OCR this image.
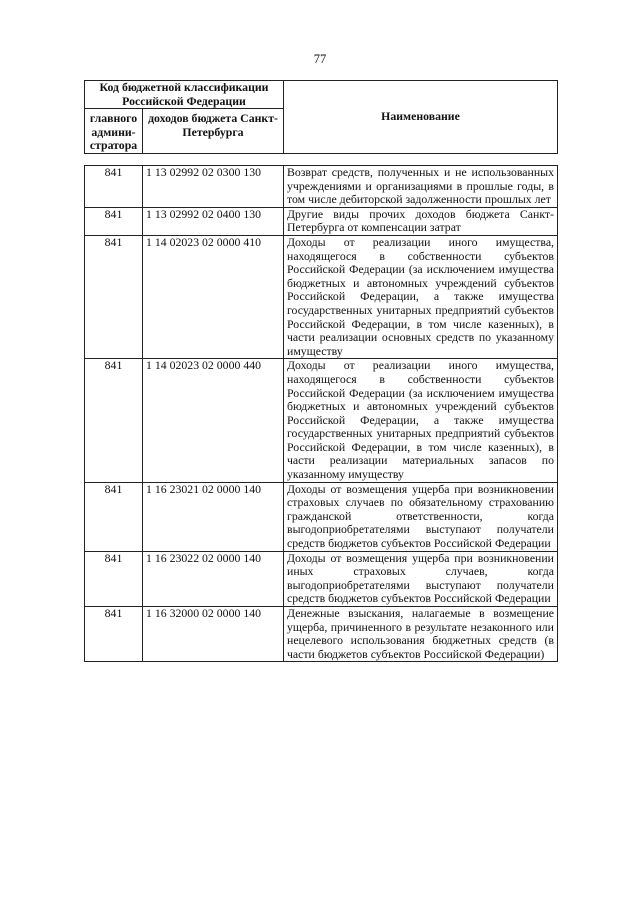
77
Код бюджетной классификации Российской Федерации		Наименование
главного админи-стратора	доходов бюджета Санкт-Петербурга	
841	1 13 02992 02 0300 130	Возврат средств, полученных и не использованных учреждениями и организациями в прошлые годы, в том числе дебиторской задолженности прошлых лет
841	1 13 02992 02 0400 130	Другие виды прочих доходов бюджета Санкт-Петербурга от компенсации затрат
841	1 14 02023 02 0000 410	Доходы от реализации иного имущества, находящегося в собственности субъектов Российской Федерации (за исключением имущества бюджетных и автономных учреждений субъектов Российской Федерации, а также имущества государственных унитарных предприятий субъектов Российской Федерации, в том числе казенных), в части реализации основных средств по указанному имуществу
841	1 14 02023 02 0000 440	Доходы от реализации иного имущества, находящегося в собственности субъектов Российской Федерации (за исключением имущества бюджетных и автономных учреждений субъектов Российской Федерации, а также имущества государственных унитарных предприятий субъектов Российской Федерации, в том числе казенных), в части реализации материальных запасов по указанному имуществу
841	1 16 23021 02 0000 140	Доходы от возмещения ущерба при возникновении страховых случаев по обязательному страхованию гражданской ответственности, когда выгодоприобретателями выступают получатели средств бюджетов субъектов Российской Федерации
841	1 16 23022 02 0000 140	Доходы от возмещения ущерба при возникновении иных страховых случаев, когда выгодоприобретателями выступают получатели средств бюджетов субъектов Российской Федерации
841	1 16 32000 02 0000 140	Денежные взыскания, налагаемые в возмещение ущерба, причиненного в результате незаконного или нецелевого использования бюджетных средств (в части бюджетов субъектов Российской Федерации)
